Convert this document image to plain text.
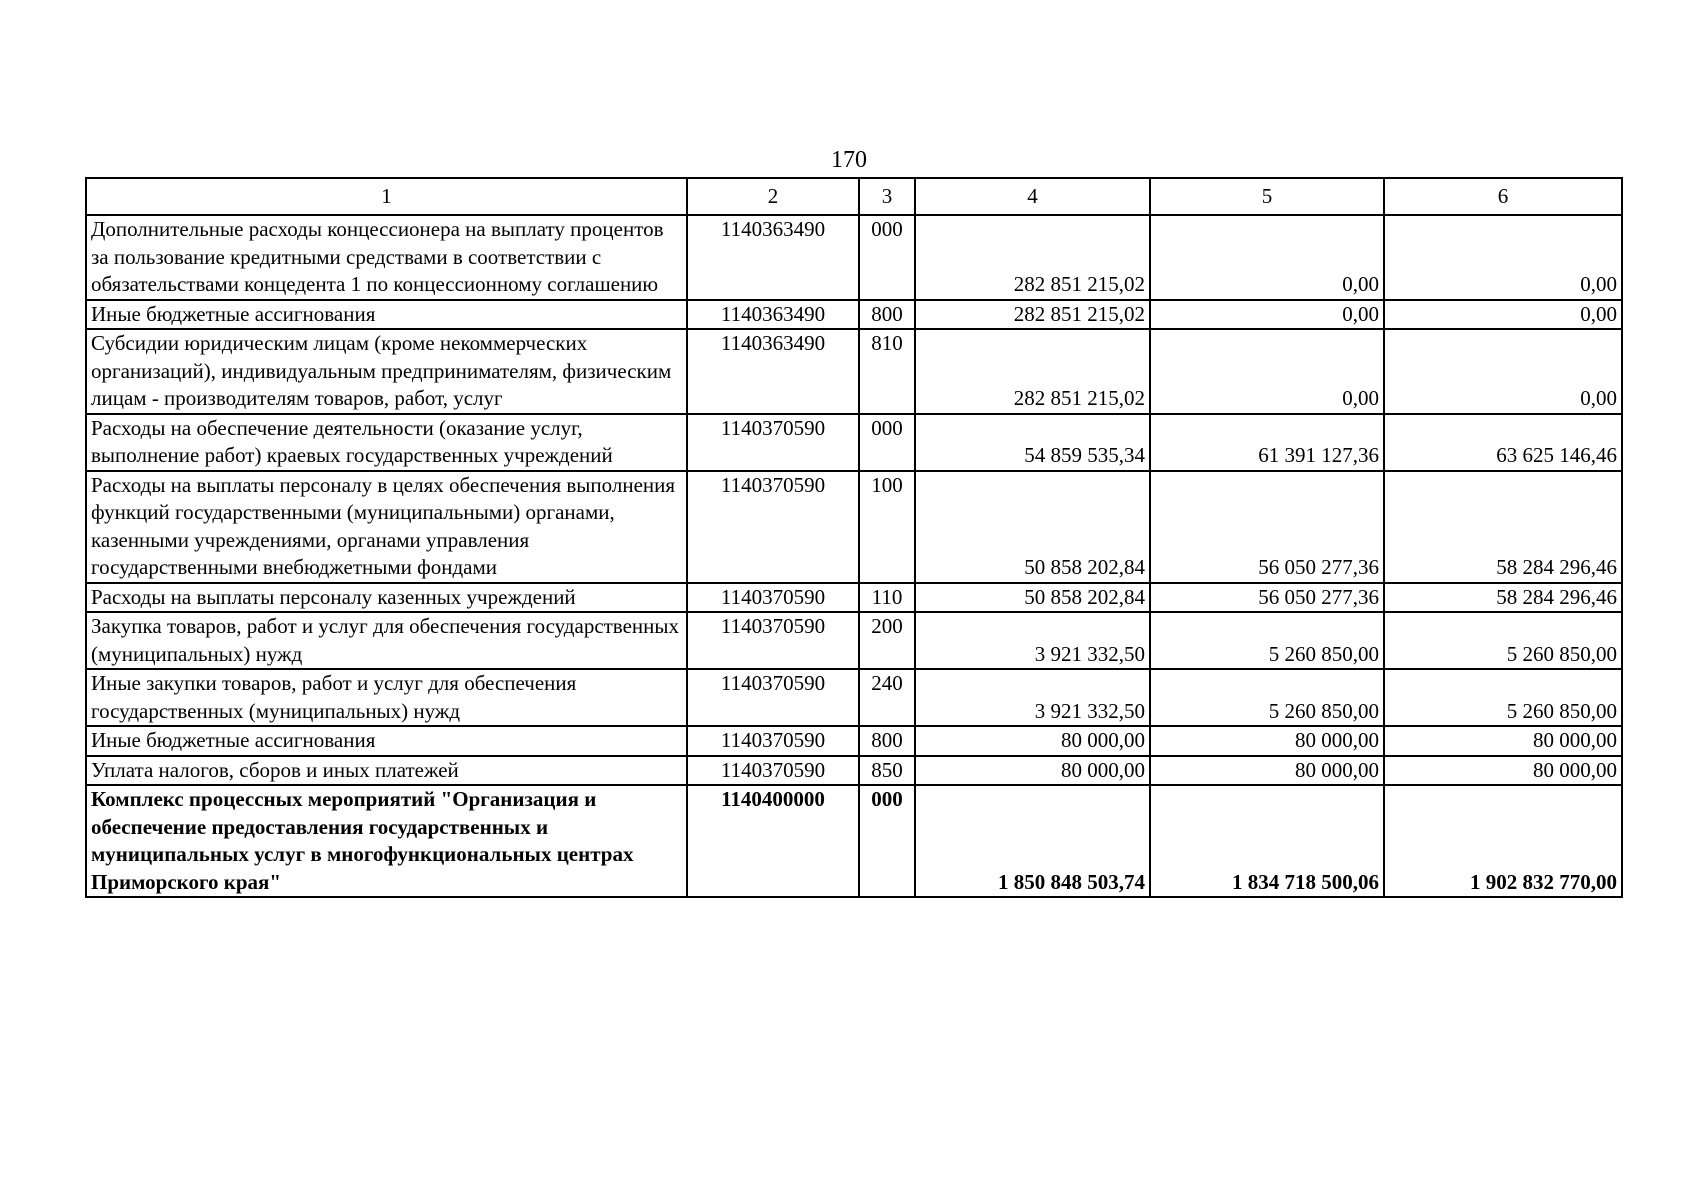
170
1	2	3	4	5	6
Дополнительные расходы концессионера на выплату процентов за пользование кредитными средствами в соответствии с обязательствами концедента 1 по концессионному соглашению	1140363490	000	282 851 215,02	0,00	0,00
Иные бюджетные ассигнования	1140363490	800	282 851 215,02	0,00	0,00
Субсидии юридическим лицам (кроме некоммерческих организаций), индивидуальным предпринимателям, физическим лицам - производителям товаров, работ, услуг	1140363490	810	282 851 215,02	0,00	0,00
Расходы на обеспечение деятельности (оказание услуг, выполнение работ) краевых государственных учреждений	1140370590	000	54 859 535,34	61 391 127,36	63 625 146,46
Расходы на выплаты персоналу в целях обеспечения выполнения функций государственными (муниципальными) органами, казенными учреждениями, органами управления государственными внебюджетными фондами	1140370590	100	50 858 202,84	56 050 277,36	58 284 296,46
Расходы на выплаты персоналу казенных учреждений	1140370590	110	50 858 202,84	56 050 277,36	58 284 296,46
Закупка товаров, работ и услуг для обеспечения государственных (муниципальных) нужд	1140370590	200	3 921 332,50	5 260 850,00	5 260 850,00
Иные закупки товаров, работ и услуг для обеспечения государственных (муниципальных) нужд	1140370590	240	3 921 332,50	5 260 850,00	5 260 850,00
Иные бюджетные ассигнования	1140370590	800	80 000,00	80 000,00	80 000,00
Уплата налогов, сборов и иных платежей	1140370590	850	80 000,00	80 000,00	80 000,00
Комплекс процессных мероприятий "Организация и обеспечение предоставления государственных и муниципальных услуг в многофункциональных центрах Приморского края"	1140400000	000	1 850 848 503,74	1 834 718 500,06	1 902 832 770,00
